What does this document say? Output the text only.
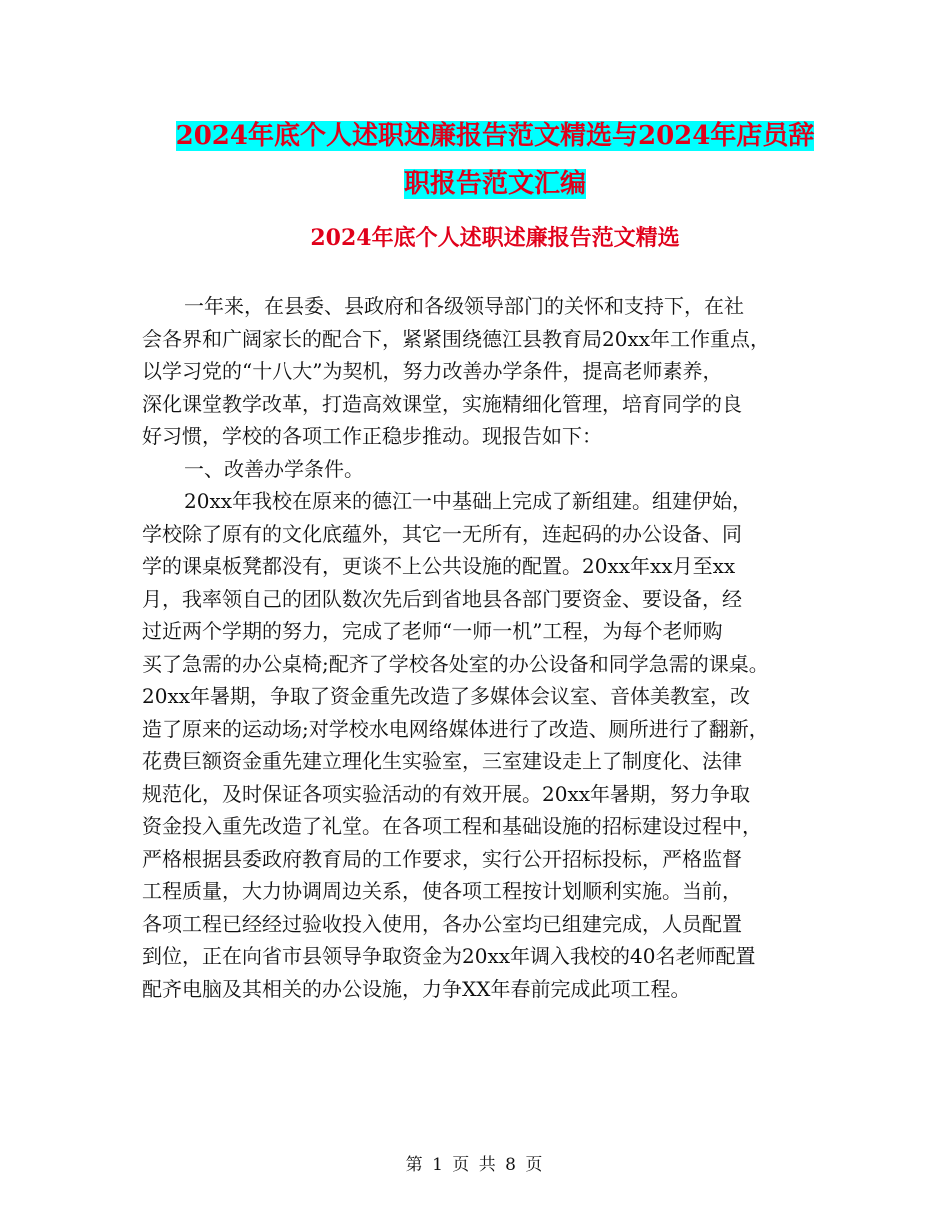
2024年底个人述职述廉报告范文精选与2024年店员辞
职报告范文汇编
2024年底个人述职述廉报告范文精选
一年来，在县委、县政府和各级领导部门的关怀和支持下，在社
会各界和广阔家长的配合下，紧紧围绕德江县教育局20xx年工作重点，
以学习党的“十八大”为契机，努力改善办学条件，提高老师素养，
深化课堂教学改革，打造高效课堂，实施精细化管理，培育同学的良
好习惯，学校的各项工作正稳步推动。现报告如下：
一、改善办学条件。
20xx年我校在原来的德江一中基础上完成了新组建。组建伊始，
学校除了原有的文化底蕴外，其它一无所有，连起码的办公设备、同
学的课桌板凳都没有，更谈不上公共设施的配置。20xx年xx月至xx
月，我率领自己的团队数次先后到省地县各部门要资金、要设备，经
过近两个学期的努力，完成了老师“一师一机”工程，为每个老师购
买了急需的办公桌椅;配齐了学校各处室的办公设备和同学急需的课桌。
20xx年暑期，争取了资金重先改造了多媒体会议室、音体美教室，改
造了原来的运动场;对学校水电网络媒体进行了改造、厕所进行了翻新，
花费巨额资金重先建立理化生实验室，三室建设走上了制度化、法律
规范化，及时保证各项实验活动的有效开展。20xx年暑期，努力争取
资金投入重先改造了礼堂。在各项工程和基础设施的招标建设过程中，
严格根据县委政府教育局的工作要求，实行公开招标投标，严格监督
工程质量，大力协调周边关系，使各项工程按计划顺利实施。当前，
各项工程已经经过验收投入使用，各办公室均已组建完成，人员配置
到位，正在向省市县领导争取资金为20xx年调入我校的40名老师配置
配齐电脑及其相关的办公设施，力争XX年春前完成此项工程。
第 1 页 共 8 页
